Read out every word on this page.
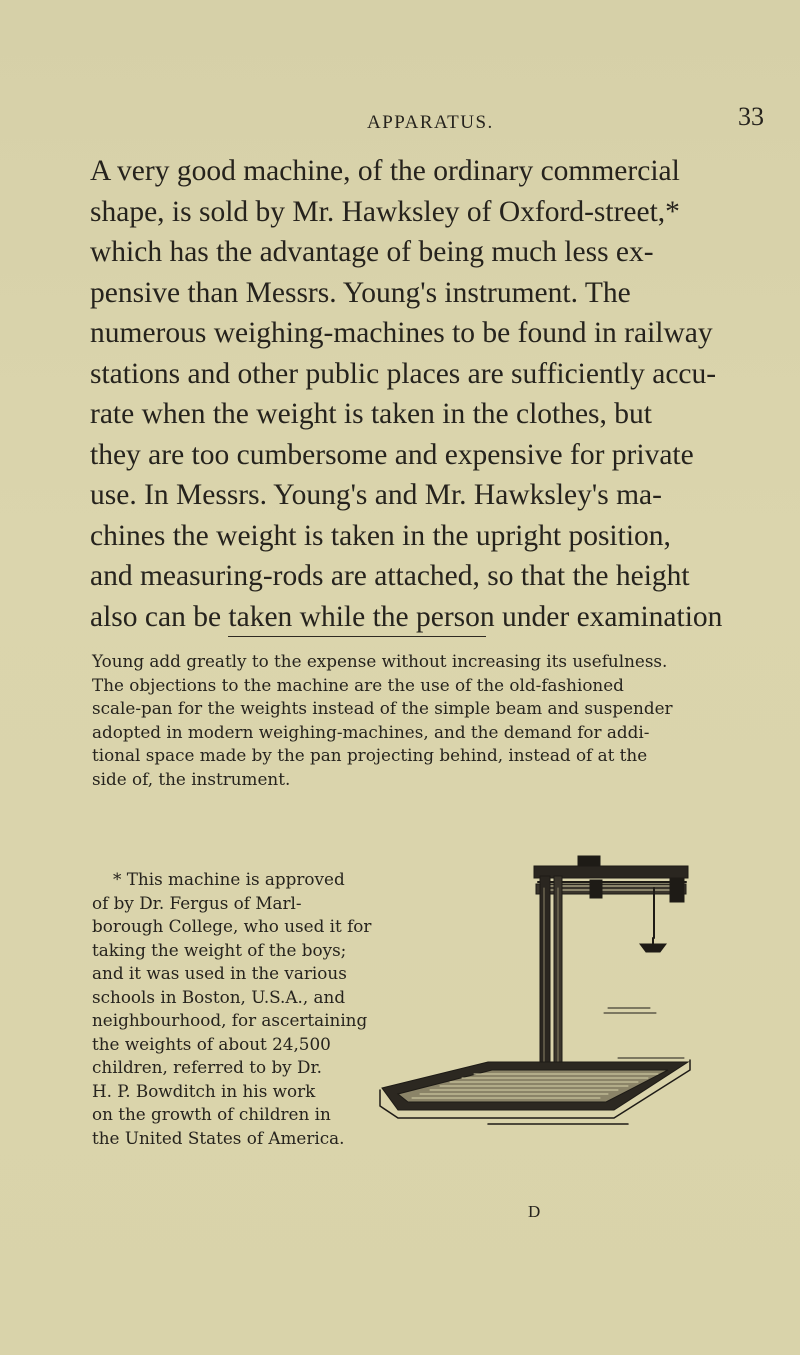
APPARATUS.	33
A very good machine, of the ordinary commercial
shape, is sold by Mr. Hawksley of Oxford-street,*
which has the advantage of being much less ex-
pensive than Messrs. Young's instrument. The
numerous weighing-machines to be found in railway
stations and other public places are sufficiently accu-
rate when the weight is taken in the clothes, but
they are too cumbersome and expensive for private
use. In Messrs. Young's and Mr. Hawksley's ma-
chines the weight is taken in the upright position,
and measuring-rods are attached, so that the height
also can be taken while the person under examination
Young add greatly to the expense without increasing its usefulness.
The objections to the machine are the use of the old-fashioned
scale-pan for the weights instead of the simple beam and suspender
adopted in modern weighing-machines, and the demand for addi-
tional space made by the pan projecting behind, instead of at the
side of, the instrument.
* This machine is approved
of by Dr. Fergus of Marl-
borough College, who used it for
taking the weight of the boys;
and it was used in the various
schools in Boston, U.S.A., and
neighbourhood, for ascertaining
the weights of about 24,500
children, referred to by Dr.
H. P. Bowditch in his work
on the growth of children in
the United States of America.
D
